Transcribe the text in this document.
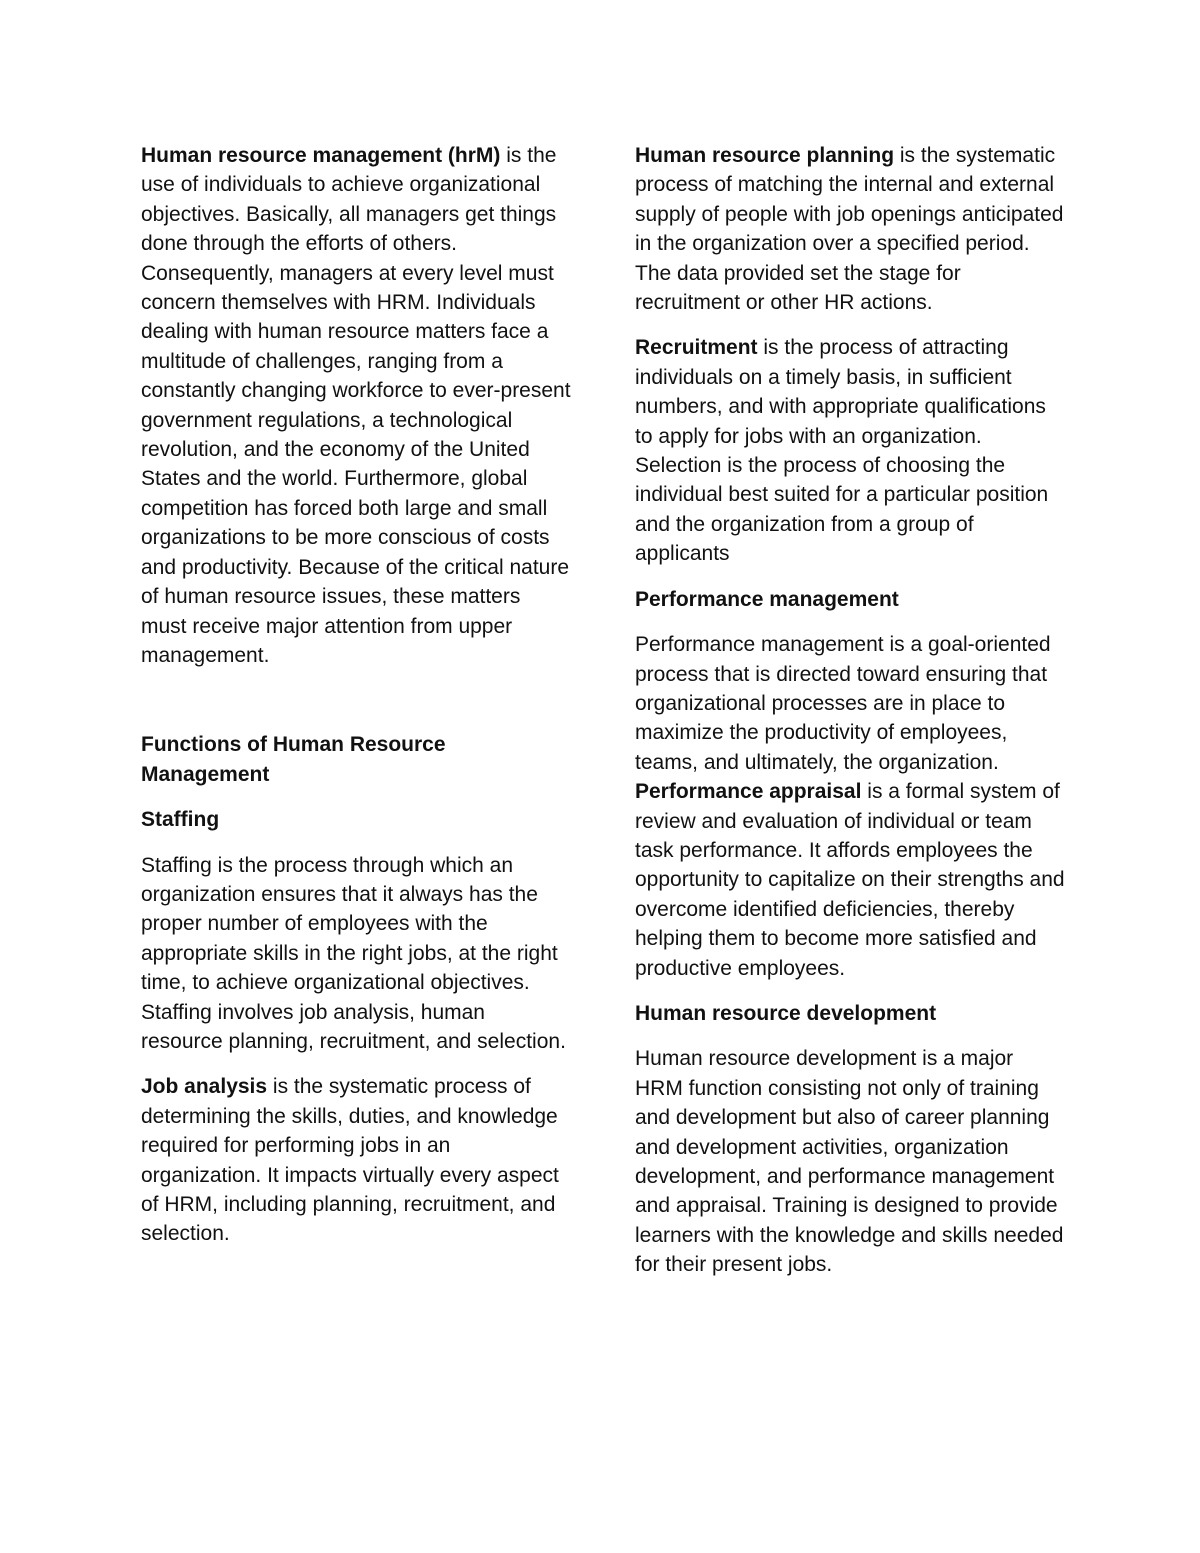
Human resource management (hrM) is the use of individuals to achieve organizational objectives. Basically, all managers get things done through the efforts of others. Consequently, managers at every level must concern themselves with HRM. Individuals dealing with human resource matters face a multitude of challenges, ranging from a constantly changing workforce to ever-present government regulations, a technological revolution, and the economy of the United States and the world. Furthermore, global competition has forced both large and small organizations to be more conscious of costs and productivity. Because of the critical nature of human resource issues, these matters must receive major attention from upper management.

Functions of Human Resource Management

Staffing

Staffing is the process through which an organization ensures that it always has the proper number of employees with the appropriate skills in the right jobs, at the right time, to achieve organizational objectives. Staffing involves job analysis, human resource planning, recruitment, and selection.

Job analysis is the systematic process of determining the skills, duties, and knowledge required for performing jobs in an organization. It impacts virtually every aspect of HRM, including planning, recruitment, and selection.

Human resource planning is the systematic process of matching the internal and external supply of people with job openings anticipated in the organization over a specified period. The data provided set the stage for recruitment or other HR actions.

Recruitment is the process of attracting individuals on a timely basis, in sufficient numbers, and with appropriate qualifications to apply for jobs with an organization. Selection is the process of choosing the individual best suited for a particular position and the organization from a group of applicants

Performance management

Performance management is a goal-oriented process that is directed toward ensuring that organizational processes are in place to maximize the productivity of employees, teams, and ultimately, the organization. Performance appraisal is a formal system of review and evaluation of individual or team task performance. It affords employees the opportunity to capitalize on their strengths and overcome identified deficiencies, thereby helping them to become more satisfied and productive employees.

Human resource development

Human resource development is a major HRM function consisting not only of training and development but also of career planning and development activities, organization development, and performance management and appraisal. Training is designed to provide learners with the knowledge and skills needed for their present jobs.
